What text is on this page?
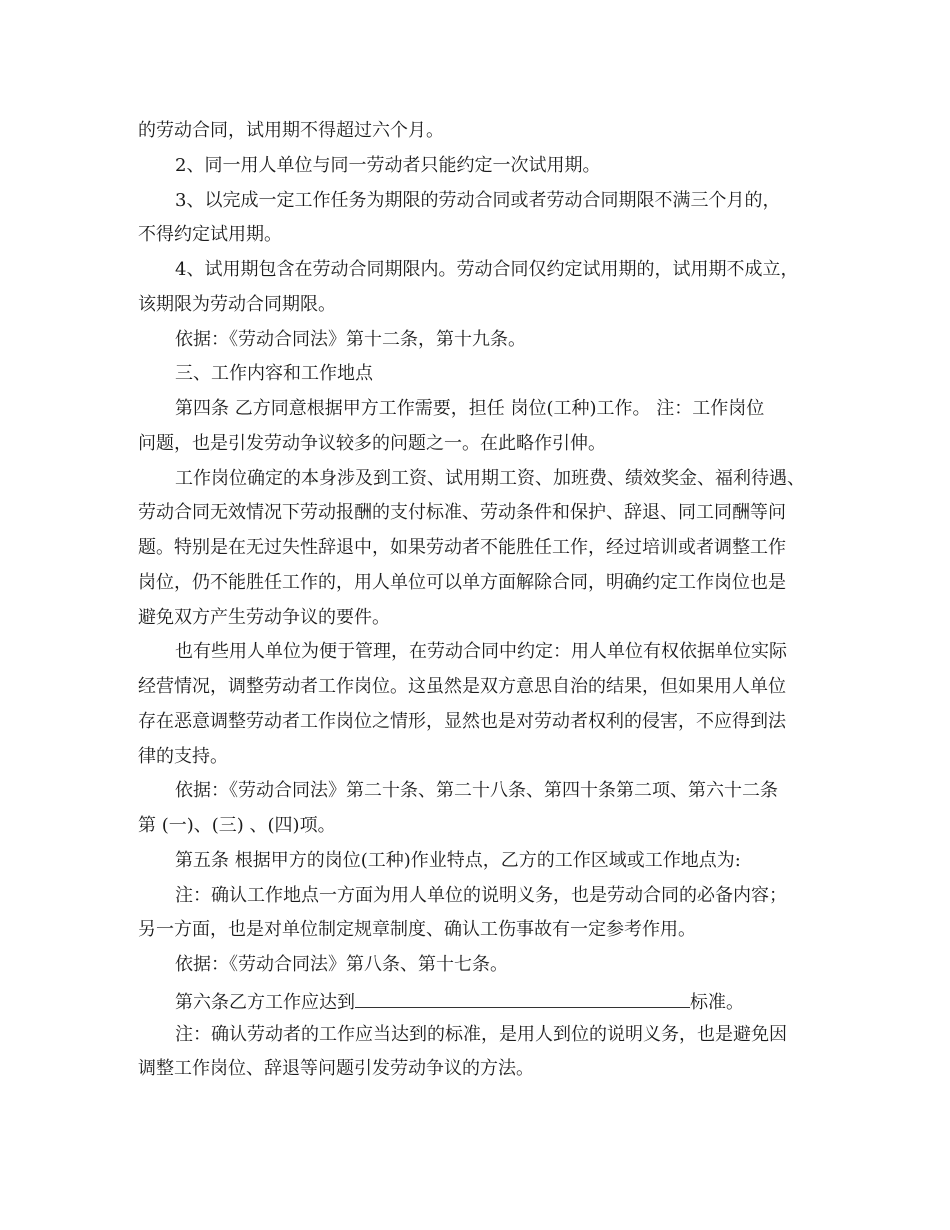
的劳动合同，试用期不得超过六个月。

2、同一用人单位与同一劳动者只能约定一次试用期。

3、以完成一定工作任务为期限的劳动合同或者劳动合同期限不满三个月的，

不得约定试用期。

4、试用期包含在劳动合同期限内。劳动合同仅约定试用期的，试用期不成立，

该期限为劳动合同期限。

依据：《劳动合同法》第十二条，第十九条。

三、工作内容和工作地点

第四条 乙方同意根据甲方工作需要，担任 岗位(工种)工作。 注：工作岗位

问题，也是引发劳动争议较多的问题之一。在此略作引伸。

工作岗位确定的本身涉及到工资、试用期工资、加班费、绩效奖金、福利待遇、

劳动合同无效情况下劳动报酬的支付标准、劳动条件和保护、辞退、同工同酬等问

题。特别是在无过失性辞退中，如果劳动者不能胜任工作，经过培训或者调整工作

岗位，仍不能胜任工作的，用人单位可以单方面解除合同，明确约定工作岗位也是

避免双方产生劳动争议的要件。

也有些用人单位为便于管理，在劳动合同中约定：用人单位有权依据单位实际

经营情况，调整劳动者工作岗位。这虽然是双方意思自治的结果，但如果用人单位

存在恶意调整劳动者工作岗位之情形，显然也是对劳动者权利的侵害，不应得到法

律的支持。

依据：《劳动合同法》第二十条、第二十八条、第四十条第二项、第六十二条

第 (一)、(三) 、(四)项。

第五条 根据甲方的岗位(工种)作业特点，乙方的工作区域或工作地点为:

注：确认工作地点一方面为用人单位的说明义务，也是劳动合同的必备内容；

另一方面，也是对单位制定规章制度、确认工伤事故有一定参考作用。

依据：《劳动合同法》第八条、第十七条。

第六条乙方工作应达到	标准。

注：确认劳动者的工作应当达到的标准，是用人到位的说明义务，也是避免因

调整工作岗位、辞退等问题引发劳动争议的方法。
